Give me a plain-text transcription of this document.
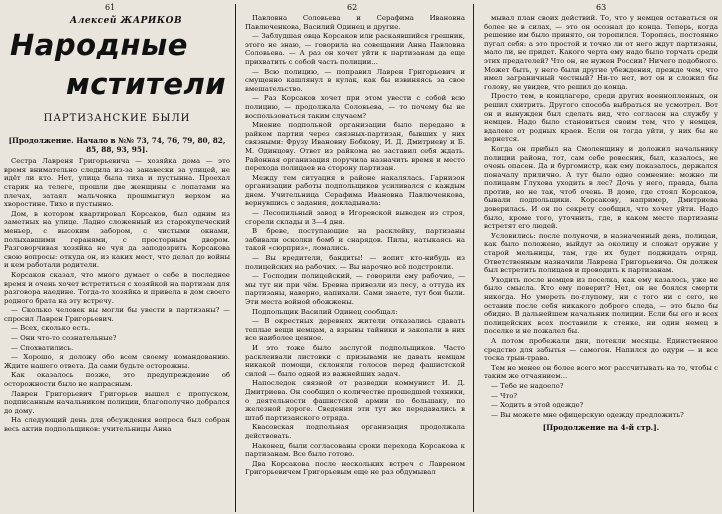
61	62	63
Алексей ЖАРИКОВ
Народные
мстители
ПАРТИЗАНСКИЕ БЫЛИ
[Продолжение. Начало в №№ 73, 74, 76, 79, 80, 82, 85, 88, 93, 95].

Сестра Лавреня Григорьевича — хозяйка дома — это время внимательно следила из-за занавески за улицей, не идёт ли кто. Нет, улица была тиха и пустынна. Проехал старик на телеге, прошли две женщины с лопатами на плечах, затаял мальчонка прошмыгнул верхом на хворостине. Тихо и пустынно.

Дом, в котором квартировал Корсаков, был одним из заметных на улице. Ладно сложенный из старокупеческий меньер, с высоким забором, с чистыми окнами, полыхавшими геранями, с просторным двором. Разговорчивая хозяйка не чуя да заподозрить Корсакова свою вопросы: откуда он, из каких мест, что делал до войны и кем работали родители.

Корсаков сказал, что много думает о себе в последнее время и очень хочет встретиться с хозяйкой на партизан для разговора наедине. Тогда-то хозяйка и привела в дом своего родного брата на эту встречу.

— Сколько человек вы могли бы увести в партизаны? — спросил Лаврен Григорьевич.

— Всех, сколько есть.

— Они что-то сознательные?

— Спохватились.

— Хорошо, я доложу обо всем своему командованию. Ждите нашего ответа. Да сами будьте осторожны.

Как оказалось позже, это предупреждение об осторожности было не напрасным.

Лаврен Григорьевич Григорьев вышел с пропуском, подписанным начальником полиции, благополучно добрался до дому.

На следующий день для обсуждения вопроса был собран весь актив подпольщиков: учительницы Анна

Павловна Соловьева и Серафима Ивановна Павлюченкова, Василий Одинец и другие.

— Заблудшая овца Корсаков или раскаявшийся грешник, этого не знаю, — говорила на совещании Анна Павловна Соловьева. — А раз он хочет уйти к партизанам да еще прихватить с собой часть полиции...

— Всю полицию, — поправил Лаврен Григорьевич и смущенно кашлянул в кулак, как бы извиняясь за свое вмешательство.

— Раз Корсаков хочет при этом увести с собой всю полицию, — продолжала Соловьева, — то почему бы не воспользоваться таким случаем?

Мнение подпольной организации было передано в райком партии через связных-партизан, бывших у них связными: Фрузу Ивановну Бобкову, И. Д. Дмитриеву и Б. М. Одинцову. Ответ из райкома не заставил себя ждать. Районная организация поручила назначить время и место перехода полицаев на сторону партизан.

Между тем ситуация в районе накалялась. Гарнизон организации работы подпольщиков усиливался с каждым днем. Учительница Серафима Ивановна Павлюченкова, вернувшись с задания, докладывала:

— Лесопильный завод в Игоревской выведен из строя, сгорели склады и 3—4 дня.

В бреве, поступающие на расклейку, партизаны забивали осколки бомб и снарядов. Пилы, натыкаясь на такой «сюрприз», ломались.

— Вы вредители, бандиты! — вопит кто-нибудь из полицейских на рабочих. — Вы нарочно всё подстроили.

— Господин полицейский, — говорили ему рабочие, — мы тут ни при чём. Бревна привезли из лесу, а оттуда их партизаны, наверно, напихали. Сами знаете, тут бои были. Эти места войной обожжены.

Подпольщик Василий Одинец сообщал:

— В окрестных деревнях жители отказались сдавать теплые вещи немцам, а взрывы тайники и закопали в них все наиболее ценное.

И это тоже было заслугой подпольщиков. Часто расклеивали листовки с призывами не давать немцам никакой помощи, склоняли голосов перед фашистской силой — было одной из важнейших задач.

Напоследок связной от разведки коммунист И. Д. Дмитриева. Он сообщил о количестве прошедшей техники, о деятельности фашистской армии по большаку, по железной дороге. Сведения эти тут же передавались в штаб партизанского отряда.

Квасовская подпольная организация продолжала действовать.

Наконец, были согласованы сроки перехода Корсакова к партизанам. Все было готово.

Два Корсакова после нескольких встреч с Лавреном Григорьевичем Григорьевым еще не раз обдумывал

мывал план своих действий. То, что у немцев оставаться он более не в силах, — это он осознал до конца. Теперь, когда решение им было принято, он торопился. Торопясь, постоянно пугал себя: а это простой и точно ли от него ждут партизаны, мало ли, не придет. Какого черта ему надо было торчать среди этих предателей? Что он, не нужен России? Ничего подобного. Может быть, у него были другие убеждения, прежде чем, что имел заграничный честный? Ни-то нет, вот он и сложил бы голову, не увидев, что решил до конца.

Просто тем, в концлагере, среди других военнопленных, он решил схитрить. Другого способа выбраться не усмотрел. Вот он и вынужден был сделать вид, что согласен на службу у немцев. Надо было становиться своим тем, что у немцев, вдалеке от родных краев. Если он тогда уйти, у них бы не вернется.

Когда он прибыл на Смоленщину и доложил начальнику полиции района, тот, сам себе ровесник, был, казалось, не очень опасен. Да и бургомистр, как ему показалось, держался поначалу прилично. А тут было одно сомнение: можно ли полицаям Глухова уходить в лес? Дочь у него, правда, была против, но не так, чтоб очень. В доме, где стоял Корсаков, бывали подпольщики. Корсакову, например, Дмитриева доверилась. И он по секрету сообщил, что хочет уйти. Надо было, кроме того, уточнить, где, в каком месте партизаны встретят его людей.

Условились: после полуночи, в назначенный день, полицаи, как было положено, выйдут за околицу и сложат оружие у старой мельницы, там, где их будет поджидать отряд. Ответственным назначили Лаврена Григорьевича. Он должен был встретить полицаев и проводить к партизанам.

Уходить после немцев из поселка, как ему казалось, уже не было смысла. Кто ему поверит? Нет, он не боялся смерти никогда. Но умереть по-глупому, ни с того ни с сего, не оставив после себя никакого доброго следа, — это было бы обидно. В дальнейшем начальник полиции. Если бы его и всех полицейских всех поставили к стенке, ни один немец в поселке и не пожалел бы.

А потом пробежали дни, потекли месяцы. Единственное средство для забытья — самогон. Напился до одури — и все тоска трын-трава.

Тем не менее он более всего мог рассчитывать на то, чтобы с таким же отчаянием...

— Тебе не надоело?

— Что?

— Ходить в этой одежде?

— Вы можете мне офицерскую одежду предложить?

[Продолжение на 4-й стр.].
